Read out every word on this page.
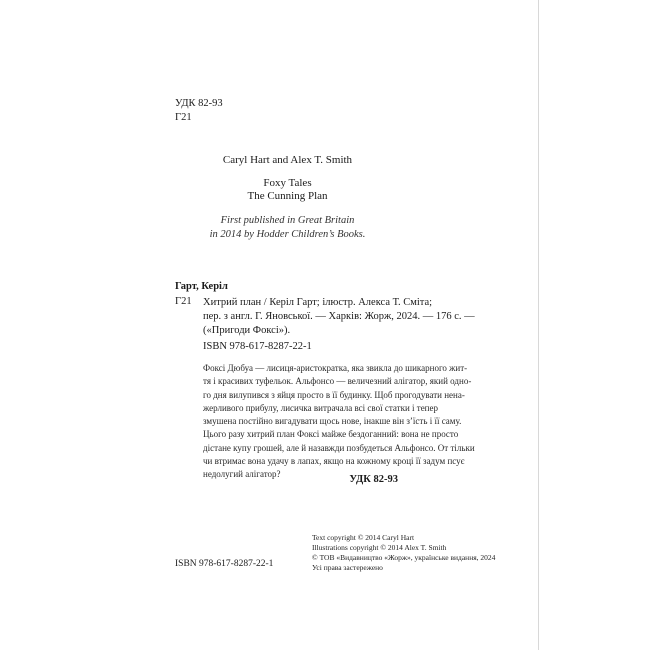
УДК 82-93
Г21
Caryl Hart and Alex T. Smith
Foxy Tales
The Cunning Plan
First published in Great Britain
in 2014 by Hodder Children’s Books.
Гарт, Керіл
Г21 Хитрий план / Керіл Гарт; ілюстр. Алекса Т. Сміта;
пер. з англ. Г. Яновської. — Харків: Жорж, 2024. — 176 с. —
(«Пригоди Фоксі»).
ISBN 978-617-8287-22-1
Фоксі Дюбуа — лисиця-аристократка, яка звикла до шикарного жит-
тя і красивих туфельок. Альфонсо — величезний алігатор, який одно-
го дня вилупився з яйця просто в її будинку. Щоб прогодувати нена-
жерливого прибулу, лисичка витрачала всі свої статки і тепер
змушена постійно вигадувати щось нове, інакше він з’їсть і її саму.
Цього разу хитрий план Фоксі майже бездоганний: вона не просто
дістане купу грошей, але й назавжди позбудеться Альфонсо. От тільки
чи втримає вона удачу в лапах, якщо на кожному кроці її задум псує
недолугий алігатор?	УДК 82-93
ISBN 978-617-8287-22-1
Text copyright © 2014 Caryl Hart
Illustrations copyright © 2014 Alex T. Smith
© ТОВ «Видавництво «Жорж», українське видання, 2024
Усі права застережено
